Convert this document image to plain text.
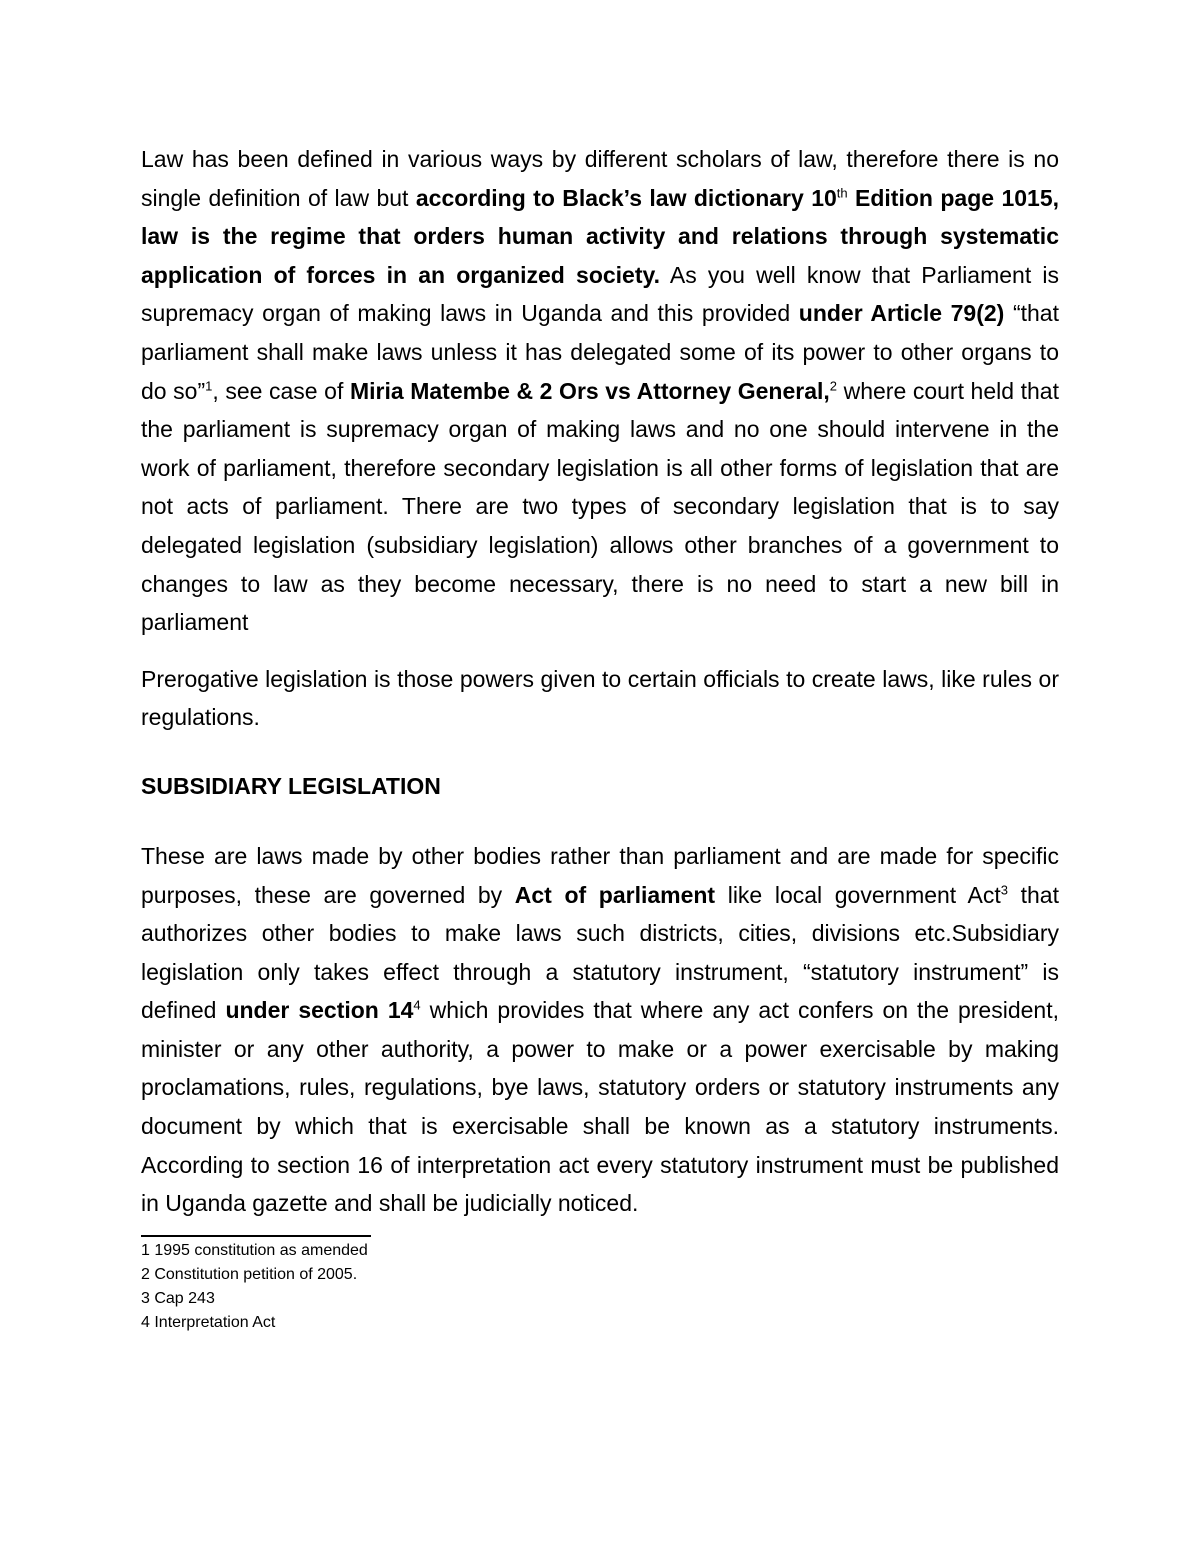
Law has been defined in various ways by different scholars of law, therefore there is no single definition of law but according to Black’s law dictionary 10th Edition page 1015, law is the regime that orders human activity and relations through systematic application of forces in an organized society. As you well know that Parliament is supremacy organ of making laws in Uganda and this provided under Article 79(2) “that parliament shall make laws unless it has delegated some of its power to other organs to do so”$^1$, see case of Miria Matembe & 2 Ors vs Attorney General,$^2$ where court held that the parliament is supremacy organ of making laws and no one should intervene in the work of parliament, therefore secondary legislation is all other forms of legislation that are not acts of parliament. There are two types of secondary legislation that is to say delegated legislation (subsidiary legislation) allows other branches of a government to changes to law as they become necessary, there is no need to start a new bill in parliament

Prerogative legislation is those powers given to certain officials to create laws, like rules or regulations.

SUBSIDIARY LEGISLATION

These are laws made by other bodies rather than parliament and are made for specific purposes, these are governed by Act of parliament like local government Act$^3$ that authorizes other bodies to make laws such districts, cities, divisions etc.Subsidiary legislation only takes effect through a statutory instrument, “statutory instrument” is defined under section $14^4$ which provides that where any act confers on the president, minister or any other authority, a power to make or a power exercisable by making proclamations, rules, regulations, bye laws, statutory orders or statutory instruments any document by which that is exercisable shall be known as a statutory instruments. According to section 16 of interpretation act every statutory instrument must be published in Uganda gazette and shall be judicially noticed.

1 1995 constitution as amended

2 Constitution petition of 2005.

3 Cap 243

4 Interpretation Act
